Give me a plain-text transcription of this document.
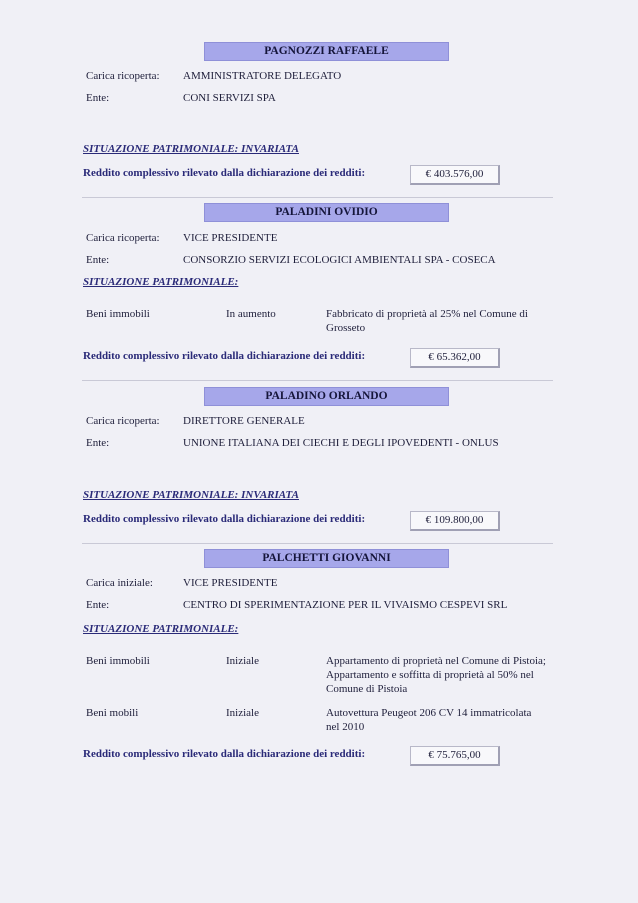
PAGNOZZI RAFFAELE
Carica ricoperta: AMMINISTRATORE DELEGATO
Ente:	CONI SERVIZI SPA
SITUAZIONE PATRIMONIALE: INVARIATA
Reddito complessivo rilevato dalla dichiarazione dei redditi:	€ 403.576,00
PALADINI OVIDIO
Carica ricoperta: VICE PRESIDENTE
Ente:	CONSORZIO SERVIZI ECOLOGICI AMBIENTALI SPA - COSECA
SITUAZIONE PATRIMONIALE:
Beni immobili	In aumento	Fabbricato di proprietà al 25% nel Comune di
Grosseto
Reddito complessivo rilevato dalla dichiarazione dei redditi:	€ 65.362,00
PALADINO ORLANDO
Carica ricoperta: DIRETTORE GENERALE
Ente:	UNIONE ITALIANA DEI CIECHI E DEGLI IPOVEDENTI - ONLUS
SITUAZIONE PATRIMONIALE: INVARIATA
Reddito complessivo rilevato dalla dichiarazione dei redditi:	€ 109.800,00
PALCHETTI GIOVANNI
Carica iniziale:	VICE PRESIDENTE
Ente:	CENTRO DI SPERIMENTAZIONE PER IL VIVAISMO CESPEVI SRL
SITUAZIONE PATRIMONIALE:
Beni immobili	Iniziale	Appartamento di proprietà nel Comune di Pistoia;
Appartamento e soffitta di proprietà al 50% nel
Comune di Pistoia
Beni mobili	Iniziale	Autovettura Peugeot 206 CV 14 immatricolata
nel 2010
Reddito complessivo rilevato dalla dichiarazione dei redditi:	€ 75.765,00
